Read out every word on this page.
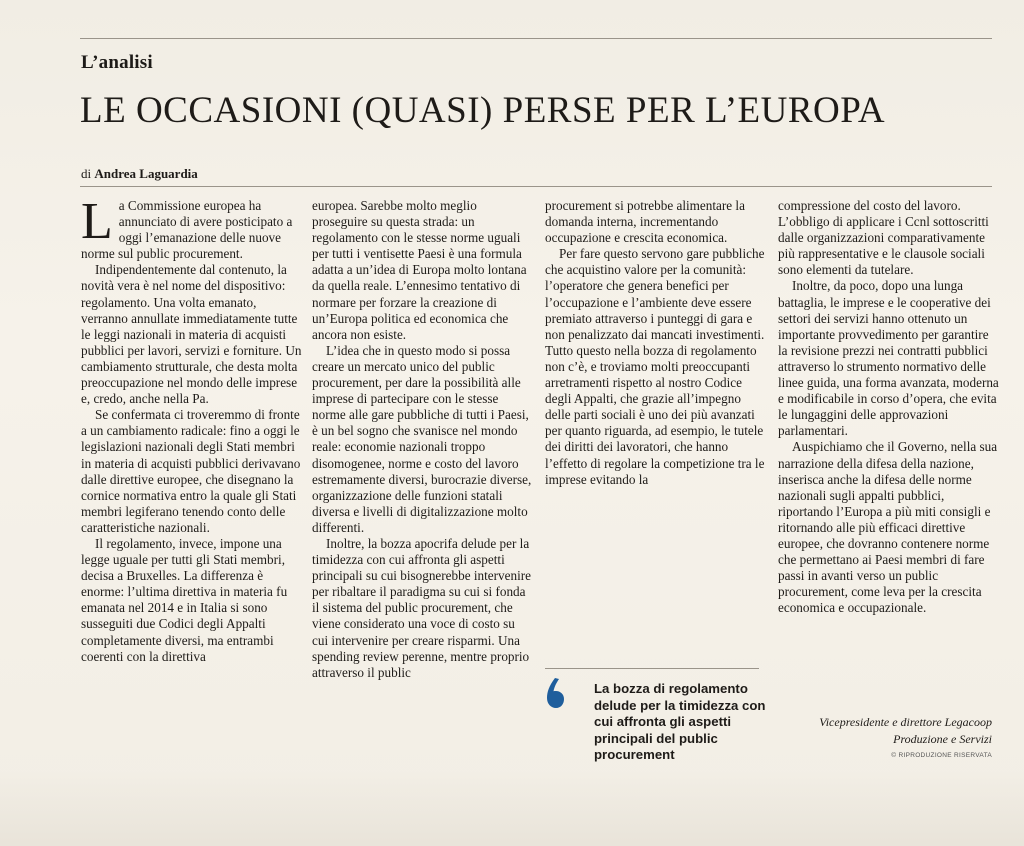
L’analisi
LE OCCASIONI (QUASI) PERSE PER L’EUROPA
di Andrea Laguardia

La Commissione europea ha annunciato di avere posticipato a oggi l’emanazione delle nuove norme sul public procurement.

Indipendentemente dal contenuto, la novità vera è nel nome del dispositivo: regolamento. Una volta emanato, verranno annullate immediatamente tutte le leggi nazionali in materia di acquisti pubblici per lavori, servizi e forniture. Un cambiamento strutturale, che desta molta preoccupazione nel mondo delle imprese e, credo, anche nella Pa.

Se confermata ci troveremmo di fronte a un cambiamento radicale: fino a oggi le legislazioni nazionali degli Stati membri in materia di acquisti pubblici derivavano dalle direttive europee, che disegnano la cornice normativa entro la quale gli Stati membri legiferano tenendo conto delle caratteristiche nazionali.

Il regolamento, invece, impone una legge uguale per tutti gli Stati membri, decisa a Bruxelles. La differenza è enorme: l’ultima direttiva in materia fu emanata nel 2014 e in Italia si sono susseguiti due Codici degli Appalti completamente diversi, ma entrambi coerenti con la direttiva

europea. Sarebbe molto meglio proseguire su questa strada: un regolamento con le stesse norme uguali per tutti i ventisette Paesi è una formula adatta a un’idea di Europa molto lontana da quella reale. L’ennesimo tentativo di normare per forzare la creazione di un’Europa politica ed economica che ancora non esiste.

L’idea che in questo modo si possa creare un mercato unico del public procurement, per dare la possibilità alle imprese di partecipare con le stesse norme alle gare pubbliche di tutti i Paesi, è un bel sogno che svanisce nel mondo reale: economie nazionali troppo disomogenee, norme e costo del lavoro estremamente diversi, burocrazie diverse, organizzazione delle funzioni statali diversa e livelli di digitalizzazione molto differenti.

Inoltre, la bozza apocrifa delude per la timidezza con cui affronta gli aspetti principali su cui bisognerebbe intervenire per ribaltare il paradigma su cui si fonda il sistema del public procurement, che viene considerato una voce di costo su cui intervenire per creare risparmi. Una spending review perenne, mentre proprio attraverso il public

procurement si potrebbe alimentare la domanda interna, incrementando occupazione e crescita economica.

Per fare questo servono gare pubbliche che acquistino valore per la comunità: l’operatore che genera benefici per l’occupazione e l’ambiente deve essere premiato attraverso i punteggi di gara e non penalizzato dai mancati investimenti. Tutto questo nella bozza di regolamento non c’è, e troviamo molti preoccupanti arretramenti rispetto al nostro Codice degli Appalti, che grazie all’impegno delle parti sociali è uno dei più avanzati per quanto riguarda, ad esempio, le tutele dei diritti dei lavoratori, che hanno l’effetto di regolare la competizione tra le imprese evitando la

compressione del costo del lavoro. L’obbligo di applicare i Ccnl sottoscritti dalle organizzazioni comparativamente più rappresentative e le clausole sociali sono elementi da tutelare.

Inoltre, da poco, dopo una lunga battaglia, le imprese e le cooperative dei settori dei servizi hanno ottenuto un importante provvedimento per garantire la revisione prezzi nei contratti pubblici attraverso lo strumento normativo delle linee guida, una forma avanzata, moderna e modificabile in corso d’opera, che evita le lungaggini delle approvazioni parlamentari.

Auspichiamo che il Governo, nella sua narrazione della difesa della nazione, inserisca anche la difesa delle norme nazionali sugli appalti pubblici, riportando l’Europa a più miti consigli e ritornando alle più efficaci direttive europee, che dovranno contenere norme che permettano ai Paesi membri di fare passi in avanti verso un public procurement, come leva per la crescita economica e occupazionale.

La bozza di regolamento delude per la timidezza con cui affronta gli aspetti principali del public procurement
Vicepresidente e direttore Legacoop
Produzione e Servizi
© RIPRODUZIONE RISERVATA
